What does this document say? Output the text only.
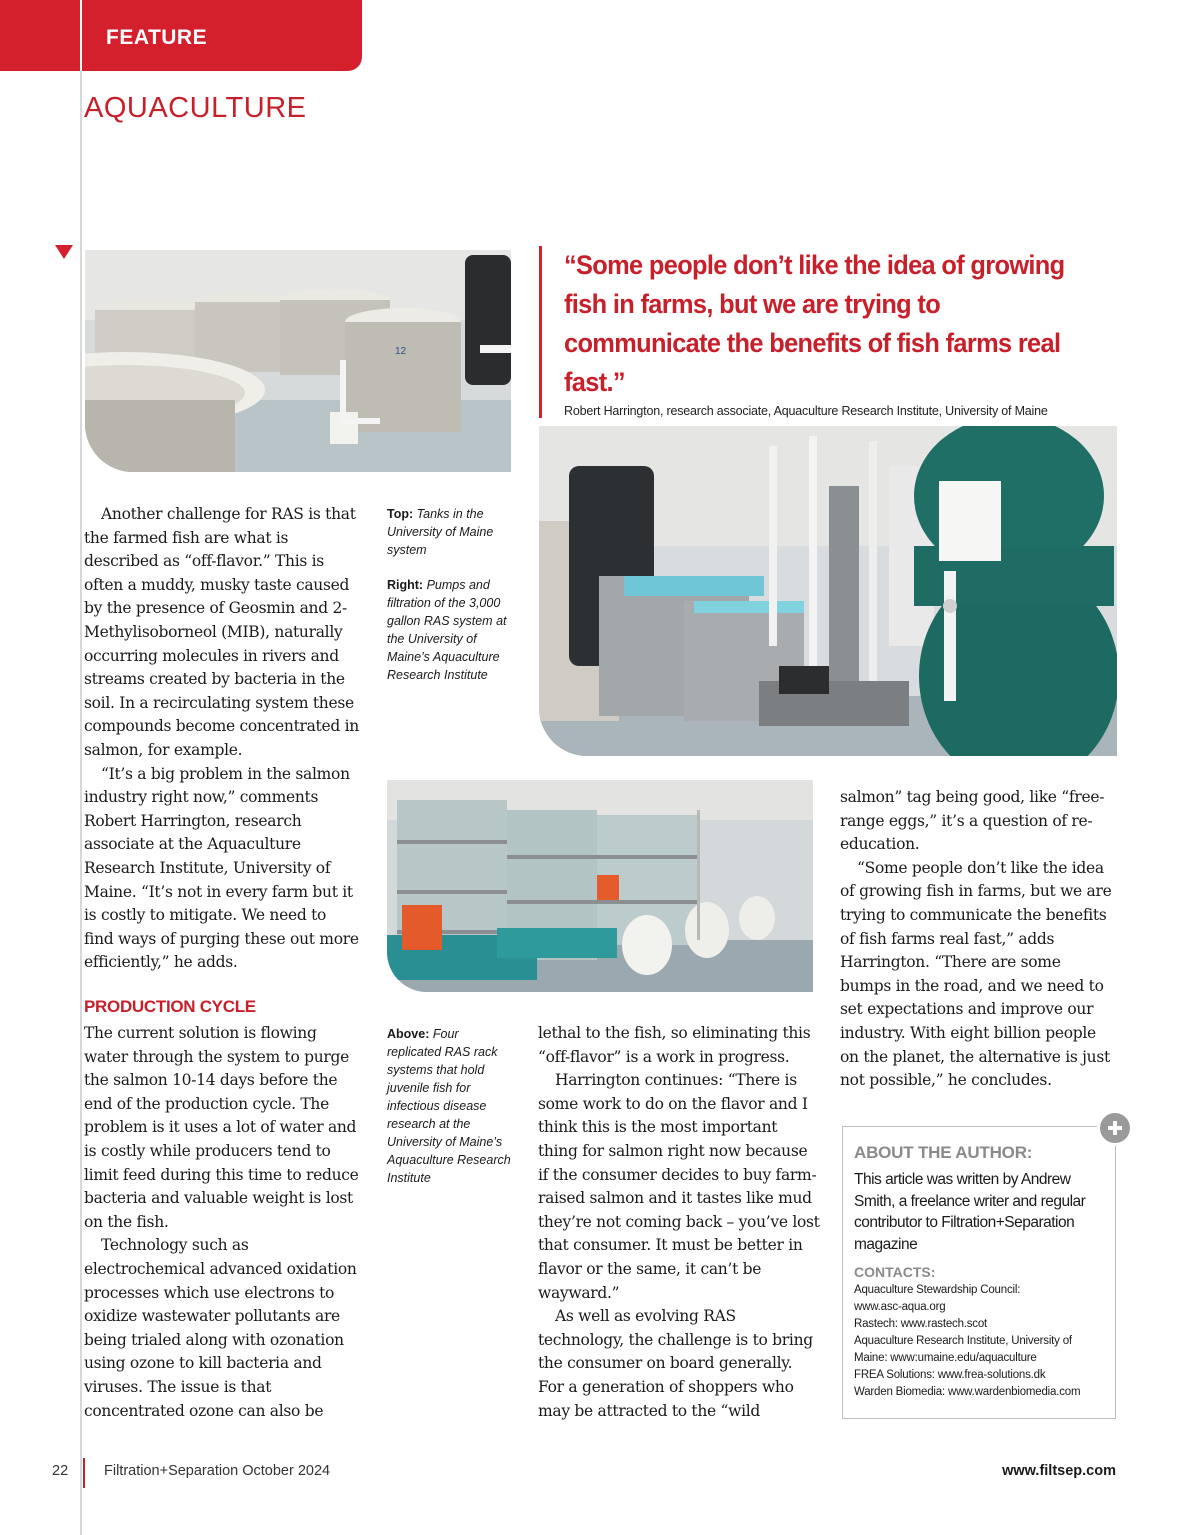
FEATURE
AQUACULTURE
12
“Some people don’t like the idea of growing fish in farms, but we are trying to communicate the benefits of fish farms real fast.”
Robert Harrington, research associate, Aquaculture Research Institute, University of Maine
Top: Tanks in the University of Maine system
Right: Pumps and filtration of the 3,000 gallon RAS system at the University of Maine’s Aquaculture Research Institute

Another challenge for RAS is that the farmed fish are what is described as “off-flavor.” This is often a muddy, musky taste caused by the presence of Geosmin and 2-Methylisoborneol (MIB), naturally occurring molecules in rivers and streams created by bacteria in the soil. In a recirculating system these compounds become concentrated in salmon, for example.

“It’s a big problem in the salmon industry right now,” comments Robert Harrington, research associate at the Aquaculture Research Institute, University of Maine. “It’s not in every farm but it is costly to mitigate. We need to find ways of purging these out more efficiently,” he adds.

Above: Four replicated RAS rack systems that hold juvenile fish for infectious disease research at the University of Maine’s Aquaculture Research Institute
PRODUCTION CYCLE

The current solution is flowing water through the system to purge the salmon 10-14 days before the end of the production cycle. The problem is it uses a lot of water and is costly while producers tend to limit feed during this time to reduce bacteria and valuable weight is lost on the fish.

Technology such as electrochemical advanced oxidation processes which use electrons to oxidize wastewater pollutants are being trialed along with ozonation using ozone to kill bacteria and viruses. The issue is that concentrated ozone can also be

lethal to the fish, so eliminating this “off-flavor” is a work in progress.

Harrington continues: “There is some work to do on the flavor and I think this is the most important thing for salmon right now because if the consumer decides to buy farm-raised salmon and it tastes like mud they’re not coming back – you’ve lost that consumer. It must be better in flavor or the same, it can’t be wayward.”

As well as evolving RAS technology, the challenge is to bring the consumer on board generally. For a generation of shoppers who may be attracted to the “wild

salmon” tag being good, like “free-range eggs,” it’s a question of re-education.

“Some people don’t like the idea of growing fish in farms, but we are trying to communicate the benefits of fish farms real fast,” adds Harrington. “There are some bumps in the road, and we need to set expectations and improve our industry. With eight billion people on the planet, the alternative is just not possible,” he concludes.

ABOUT THE AUTHOR:
This article was written by Andrew Smith, a freelance writer and regular contributor to Filtration+Separation magazine
CONTACTS:
Aquaculture Stewardship Council:
www.asc-aqua.org
Rastech: www.rastech.scot
Aquaculture Research Institute, University of
Maine: www:umaine.edu/aquaculture
FREA Solutions: www.frea-solutions.dk
Warden Biomedia: www.wardenbiomedia.com
22 Filtration+Separation October 2024	www.filtsep.com
